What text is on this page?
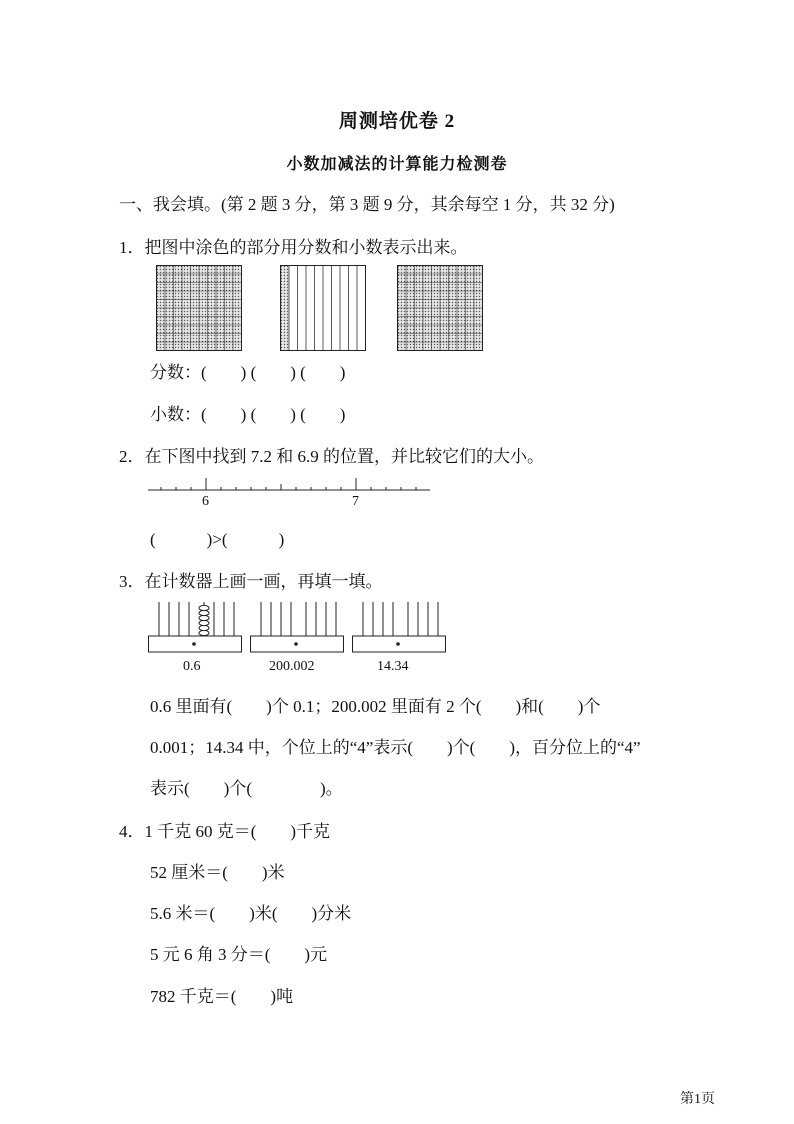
周测培优卷 2
小数加减法的计算能力检测卷
一、我会填。(第 2 题 3 分，第 3 题 9 分，其余每空 1 分，共 32 分)
1．把图中涂色的部分用分数和小数表示出来。
分数：(　　) (　　) (　　)
小数：(　　) (　　) (　　)
2．在下图中找到 7.2 和 6.9 的位置，并比较它们的大小。
6	7
(　　　)>(　　　)
3．在计数器上画一画，再填一填。
0.6	200.002	14.34
0.6 里面有(　　)个 0.1；200.002 里面有 2 个(　　)和(　　)个
0.001；14.34 中，个位上的“4”表示(　　)个(　　)，百分位上的“4”
表示(　　)个(　　　　)。
4．1 千克 60 克＝(　　)千克
52 厘米＝(　　)米
5.6 米＝(　　)米(　　)分米
5 元 6 角 3 分＝(　　)元
782 千克＝(　　)吨
第1页
